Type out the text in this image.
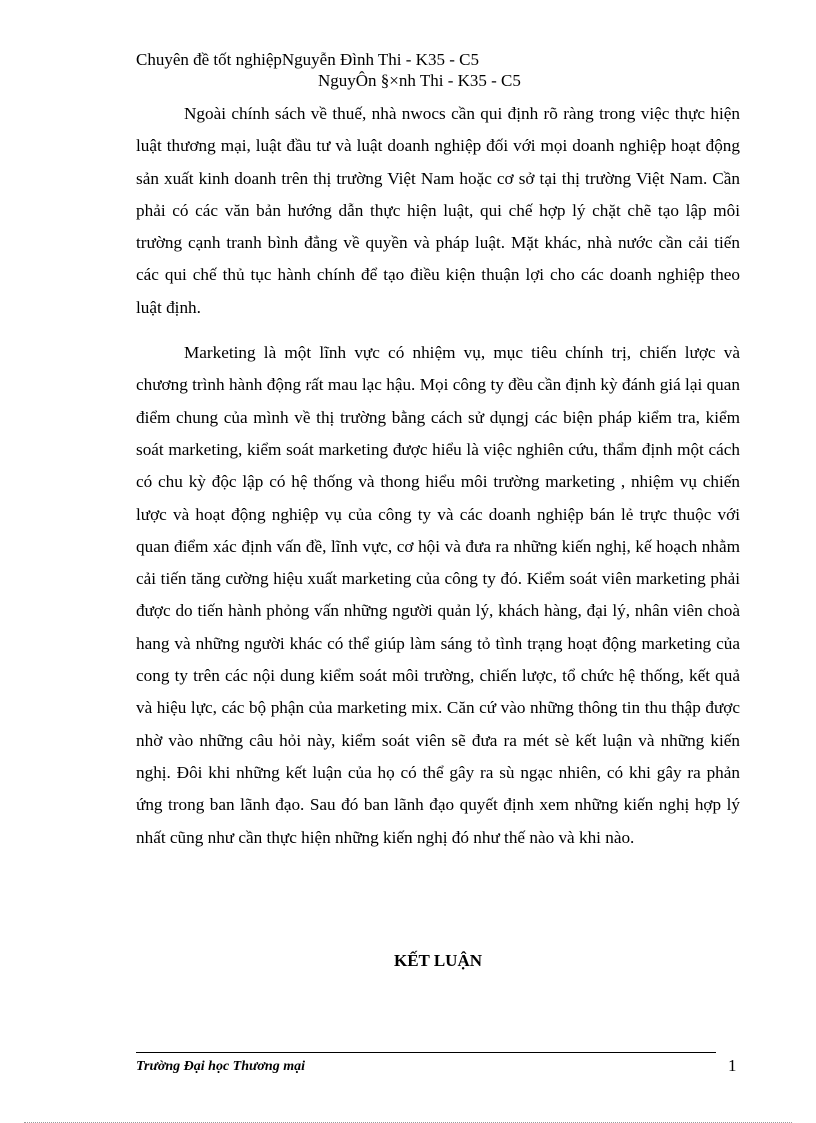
Chuyên đề tốt nghiệpNguyễn Đình Thi - K35 - C5
NguyÔn §×nh Thi - K35 - C5

Ngoài chính sách về thuế, nhà nwocs cần qui định rõ ràng trong việc thực hiện luật thương mại, luật đầu tư và luật doanh nghiệp đối với mọi doanh nghiệp hoạt động sản xuất kinh doanh trên thị trường Việt Nam hoặc cơ sở tại thị trường Việt Nam. Cần phải có các văn bản hướng dẫn thực hiện luật, qui chế hợp lý chặt chẽ tạo lập môi trường cạnh tranh bình đẳng về quyền và pháp luật. Mặt khác, nhà nước cần cải tiến các qui chế thủ tục hành chính để tạo điều kiện thuận lợi cho các doanh nghiệp theo luật định.

Marketing là một lĩnh vực có nhiệm vụ, mục tiêu chính trị, chiến lược và chương trình hành động rất mau lạc hậu. Mọi công ty đều cần định kỳ đánh giá lại quan điểm chung của mình về thị trường bằng cách sử dụngj các biện pháp kiểm tra, kiểm soát marketing, kiểm soát marketing được hiểu là việc nghiên cứu, thẩm định một cách có chu kỳ độc lập có hệ thống và thong hiểu môi trường marketing , nhiệm vụ chiến lược và hoạt động nghiệp vụ của công ty và các doanh nghiệp bán lẻ trực thuộc với quan điểm xác định vấn đề, lĩnh vực, cơ hội và đưa ra những kiến nghị, kế hoạch nhằm cải tiến tăng cường hiệu xuất marketing của công ty đó. Kiểm soát viên marketing phải được do tiến hành phỏng vấn những người quản lý, khách hàng, đại lý, nhân viên choà hang và những người khác có thể giúp làm sáng tỏ tình trạng hoạt động marketing của cong ty trên các nội dung kiểm soát môi trường, chiến lược, tổ chức hệ thống, kết quả và hiệu lực, các bộ phận của marketing mix. Căn cứ vào những thông tin thu thập được nhờ vào những câu hỏi này, kiểm soát viên sẽ đưa ra mét sè kết luận và những kiến nghị. Đôi khi những kết luận của họ có thể gây ra sù ngạc nhiên, có khi gây ra phản ứng trong ban lãnh đạo. Sau đó ban lãnh đạo quyết định xem những kiến nghị hợp lý nhất cũng như cần thực hiện những kiến nghị đó như thế nào và khi nào.

KẾT LUẬN
Trường Đại học Thương mại	1
